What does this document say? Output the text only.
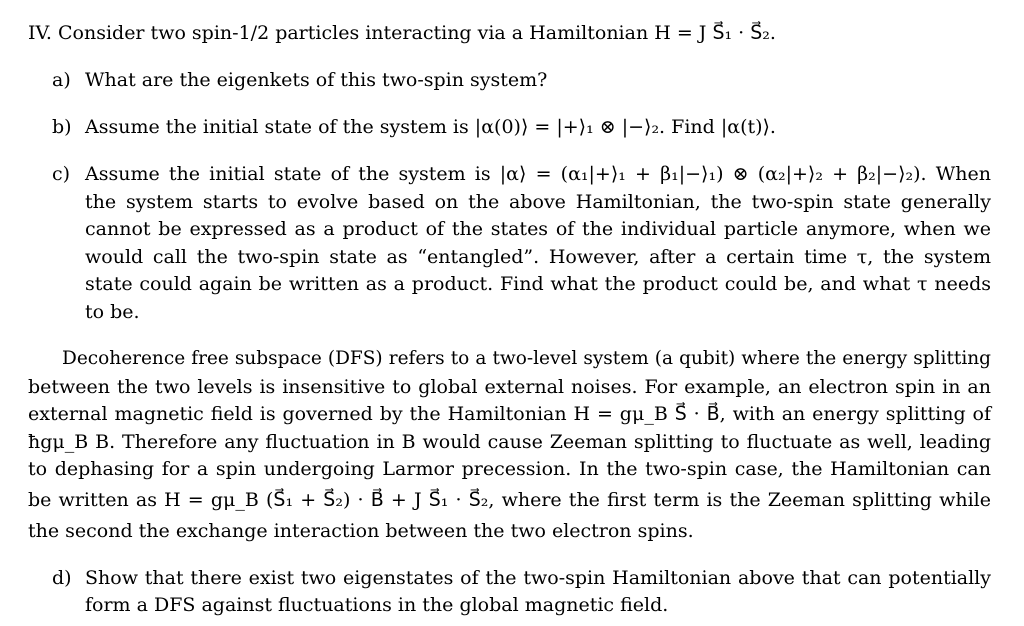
IV. Consider two spin-1/2 particles interacting via a Hamiltonian H = J S⃗₁ · S⃗₂.
a) What are the eigenkets of this two-spin system?
b) Assume the initial state of the system is |α(0)⟩ = |+⟩₁ ⊗ |−⟩₂. Find |α(t)⟩.
c) Assume the initial state of the system is |α⟩ = (α₁|+⟩₁ + β₁|−⟩₁) ⊗ (α₂|+⟩₂ + β₂|−⟩₂). When
the system starts to evolve based on the above Hamiltonian, the two-spin state generally
cannot be expressed as a product of the states of the individual particle anymore, when we
would call the two-spin state as “entangled”. However, after a certain time τ, the system
state could again be written as a product. Find what the product could be, and what τ needs
to be.
Decoherence free subspace (DFS) refers to a two-level system (a qubit) where the energy splitting
between the two levels is insensitive to global external noises. For example, an electron spin in an
external magnetic field is governed by the Hamiltonian H = gμ_B S⃗ · B⃗, with an energy splitting of
ħgμ_B B. Therefore any fluctuation in B would cause Zeeman splitting to fluctuate as well, leading
to dephasing for a spin undergoing Larmor precession. In the two-spin case, the Hamiltonian can
be written as H = gμ_B (S⃗₁ + S⃗₂) · B⃗ + J S⃗₁ · S⃗₂, where the first term is the Zeeman splitting while
the second the exchange interaction between the two electron spins.
d) Show that there exist two eigenstates of the two-spin Hamiltonian above that can potentially
form a DFS against fluctuations in the global magnetic field.
